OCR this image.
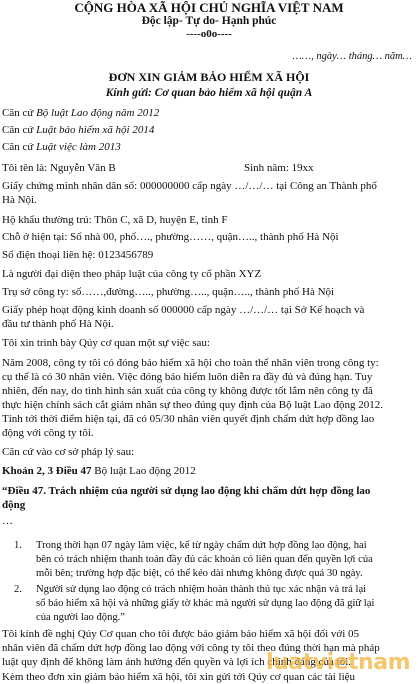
CỘNG HÒA XÃ HỘI CHỦ NGHĨA VIỆT NAM
Độc lập- Tự do- Hạnh phúc
----o0o----
……, ngày… tháng… năm…
ĐƠN XIN GIẢM BẢO HIỂM XÃ HỘI
Kính gửi: Cơ quan bảo hiểm xã hội quận A
Căn cứ Bộ luật Lao động năm 2012
Căn cứ Luật bảo hiểm xã hội 2014
Căn cứ Luật việc làm 2013
Tôi tên là: Nguyễn Văn B	Sinh năm: 19xx
Giấy chứng minh nhân dân số: 000000000 cấp ngày …/…/… tại Công an Thành phố
Hà Nội.
Hộ khẩu thường trú: Thôn C, xã D, huyện E, tỉnh F
Chỗ ở hiện tại: Số nhà 00, phố…., phường……, quận….., thành phố Hà Nội
Số điện thoại liên hệ: 0123456789
Là người đại diện theo pháp luật của công ty cổ phần XYZ
Trụ sở công ty: số……,đường….., phường….., quận….., thành phố Hà Nội
Giấy phép hoạt động kinh doanh số 000000 cấp ngày …/…/… tại Sở Kế hoạch và
đầu tư thành phố Hà Nội.
Tôi xin trình bày Qúy cơ quan một sự việc sau:
Năm 2008, công ty tôi có đóng bảo hiểm xã hội cho toàn thể nhân viên trong công ty:
cụ thể là có 30 nhân viên. Việc đóng bảo hiểm luôn diễn ra đầy đủ và đúng hạn. Tuy
nhiên, đến nay, do tình hình sản xuất của công ty không được tốt lắm nên công ty đã
thực hiện chính sách cắt giảm nhân sự theo đúng quy định của Bộ luật Lao động 2012.
Tính tới thời điểm hiện tại, đã có 05/30 nhân viên quyết định chấm dứt hợp đồng lao
động với công ty tôi.
Căn cứ vào cơ sở pháp lý sau:
Khoản 2, 3 Điều 47 Bộ luật Lao động 2012
“Điều 47. Trách nhiệm của người sử dụng lao động khi chấm dứt hợp đồng lao
động
…
1. Trong thời hạn 07 ngày làm việc, kể từ ngày chấm dứt hợp đồng lao động, hai
bên có trách nhiệm thanh toán đầy đủ các khoản có liên quan đến quyền lợi của
mỗi bên; trường hợp đặc biệt, có thể kéo dài nhưng không được quá 30 ngày.
2. Người sử dụng lao động có trách nhiệm hoàn thành thủ tục xác nhận và trả lại
sổ bảo hiểm xã hội và những giấy tờ khác mà người sử dụng lao động đã giữ lại
của người lao động.”
Tôi kính đề nghị Qúy Cơ quan cho tôi được bảo giảm bảo hiểm xã hội đối với 05
nhân viên đã chấm dứt hợp đồng lao động với công ty tôi theo đúng thời hạn mà pháp
luật quy định để không làm ảnh hưởng đến quyền và lợi ích chính đáng của tôi.
Kèm theo đơn xin giảm bảo hiểm xã hội, tôi xin gửi tới Qúy cơ quan các tài liệu
luatvietnam
